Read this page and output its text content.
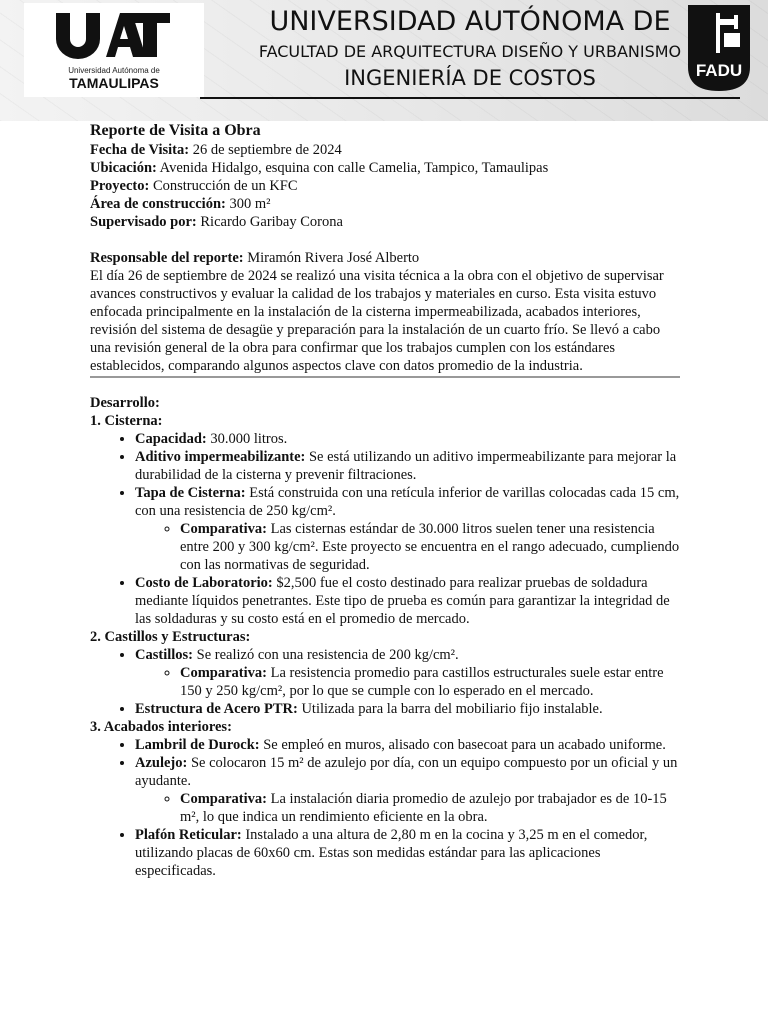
Universidad Autónoma de
TAMAULIPAS
UNIVERSIDAD AUTÓNOMA DE
FACULTAD DE ARQUITECTURA DISEÑO Y URBANISMO
INGENIERÍA DE COSTOS	FADU

Reporte de Visita a Obra

Fecha de Visita: 26 de septiembre de 2024

Ubicación: Avenida Hidalgo, esquina con calle Camelia, Tampico, Tamaulipas

Proyecto: Construcción de un KFC

Área de construcción: 300 m²

Supervisado por: Ricardo Garibay Corona

Responsable del reporte: Miramón Rivera José Alberto

El día 26 de septiembre de 2024 se realizó una visita técnica a la obra con el objetivo de supervisar avances constructivos y evaluar la calidad de los trabajos y materiales en curso. Esta visita estuvo enfocada principalmente en la instalación de la cisterna impermeabilizada, acabados interiores, revisión del sistema de desagüe y preparación para la instalación de un cuarto frío. Se llevó a cabo una revisión general de la obra para confirmar que los trabajos cumplen con los estándares establecidos, comparando algunos aspectos clave con datos promedio de la industria.

Desarrollo:

1. Cisterna:

• Capacidad: 30.000 litros.
• Aditivo impermeabilizante: Se está utilizando un aditivo impermeabilizante para mejorar la durabilidad de la cisterna y prevenir filtraciones.
• Tapa de Cisterna: Está construida con una retícula inferior de varillas colocadas cada 15 cm, con una resistencia de 250 kg/cm².
◦ Comparativa: Las cisternas estándar de 30.000 litros suelen tener una resistencia entre 200 y 300 kg/cm². Este proyecto se encuentra en el rango adecuado, cumpliendo con las normativas de seguridad.
• Costo de Laboratorio: $2,500 fue el costo destinado para realizar pruebas de soldadura mediante líquidos penetrantes. Este tipo de prueba es común para garantizar la integridad de las soldaduras y su costo está en el promedio de mercado.

2. Castillos y Estructuras:

• Castillos: Se realizó con una resistencia de 200 kg/cm².
◦ Comparativa: La resistencia promedio para castillos estructurales suele estar entre 150 y 250 kg/cm², por lo que se cumple con lo esperado en el mercado.
• Estructura de Acero PTR: Utilizada para la barra del mobiliario fijo instalable.

3. Acabados interiores:

• Lambril de Durock: Se empleó en muros, alisado con basecoat para un acabado uniforme.
• Azulejo: Se colocaron 15 m² de azulejo por día, con un equipo compuesto por un oficial y un ayudante.
◦ Comparativa: La instalación diaria promedio de azulejo por trabajador es de 10-15 m², lo que indica un rendimiento eficiente en la obra.
• Plafón Reticular: Instalado a una altura de 2,80 m en la cocina y 3,25 m en el comedor, utilizando placas de 60x60 cm. Estas son medidas estándar para las aplicaciones especificadas.
